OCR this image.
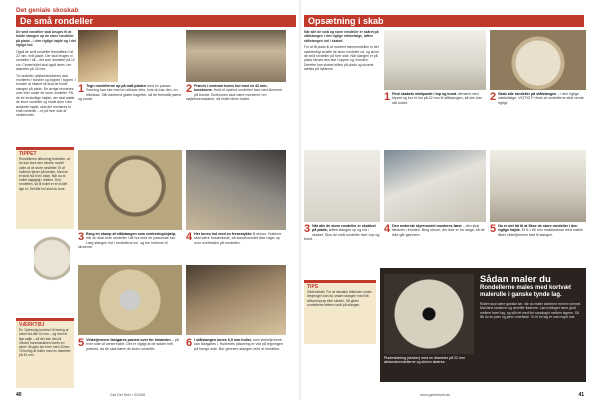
Det geniale skoskab
De små rondeller

De små rondeller skal bruges til at holde stangen op de store rondeller på plads – i den rigtige højde og i det rigtige lod.

Også de små rondeller fremstilles ri af 22 mm. mdf-plade. Der skal bruges ni rondeller i alt – det som diameter på 12 cm. Centerhullet skal også laves i en diameter på 42 mm.

To rondeller (afstandsholdere) skal monteres i bunden og toppen i toppen. I bunden af skabet så skal de holde stangen på plads. De øvrige monteres over eller under de store rondeller. På de tre forskellige højder, der skal støtte de store rondeller og holde dem i den ønskede højde, skal der monteres to små rondeller – et på hver side af centerhullet.

TIPPET
Rondellerne afforming fortsetter, at du kan bore den mindre rondel uden at de store rondeller. Et af hullerne tjener på kanten. Med en et skrå hul til en akse. Når du at hullet nøjagtigt i midten. Drej rondellen, så til hullet er en hullet lige et. Det lille hul skal du bore.
VÆRKTØJ
En 'Udvendig borebor' til boring af cirkel hul-lille 42 mm – og med et lige søjle – så der kan det på mindre boremaskinen bores en skive. Bruges bor frem med 20mm. Til boring af huller med en diameter på 42 mm.
1 Tegn rondellerne op på mdf-pladen med en passer. Savning kan ske med en stiksav eller, hvis du har den, en båndsav. Slib kanterne glatte bagefter, så de fremstår pæne og runde.
2 Præcis i centrum bores hul med en 42 mm-borekrone. Hold et spænd rondellen fast med klemmer på bordet. Borkronen skal være monteret i en søjleboremaskine, så hullet bliver lodret.
3 Brug en stump af stålstangen som centreringshjælp, når du skal bore rondeller i dit hul med en passende bor. Læg stangen ind i rondellens hul, og bor hullerne til skruerne.
4 Her bores hul med en fresestykke til skruer. Hullerne skal være forsænkede, så skruehovedet ikke rager op over overfladen på rondellen.
5 Vinkeljernene fastgøres parvist over for hinanden – på hver side af centerhullet. Det er vigtigt at de sidder helt præcist, da de skal bære de store rondeller.	6 I stålstangen bores 6,5 mm huller, som vinkeljernene kan fastgøres i. Hullernes placering er vist på tegningen på forrige side. Bor gennem stangen med et metalbor.
40	Gør Det Selv • 3/2008
Opsætning i skab

Når alle de små og store rondeller er skåret på stålstangen i den rigtige rækkefølge, løftes stålstangen ind i skabet.

For at få plads til at montere bærerondellen er det nødvendigt at løfte de store rondeller ud, og skrue de små rondeller på hver side. Når stangen er på plads skrues den fast i toppen og i bunden. Derefter kan skabet stilles på plads og skoene sættes på hylderne.

1 Find skabets midtpunkt i top og bund. Afmærk med blyant og bor et hul på 42 mm til stålstangen, så den kan stå lodret.	2 Skab alle rondeller på stålstangen – i den rigtige rækkefølge. VIGTIGT! Husk at rondellerne skal vende rigtigt.
3 Når alle de store rondeller er skubbet på plads, løftes stangen op og ind i skabet. Skru de små rondeller fast i top og bund.
4 Den nederste styrerondel monteres først – den skal fæstnes i bunden. Brug skruer, der ikke er for lange, så de ikke går igennem.	5 Nu er det tid til at fikse de store rondeller i den rigtige højde. Et 6 x 80 mm maskinskrue med møtrik låser vinkeljernene fast til stangen.
TIPS
Glidemiddel. For at mindske friktionen under drejningen kan du smøre stangen med lidt silikonespray eller stearin. Så glider rondellerne lettere rundt på stangen.
Pladeskæring (skaber) med en diameter på 22 mm afstandsrondellerne og skiven skæres.
Sådan maler du
Rondellerne males med kortvæt malerulle i ganske tynde lag.
Rullen skal være ganske tør, når du maler kanterne med en pensel. Mal først kanterne og derefter fladerne. Lad malingen tørre godt mellem hvert lag, og slib let med fint sandpapir mellem lagene. Så får du en pæn og jævn overflade. To til tre lag er som regel nok.
www.gørdetselv.dk	41
